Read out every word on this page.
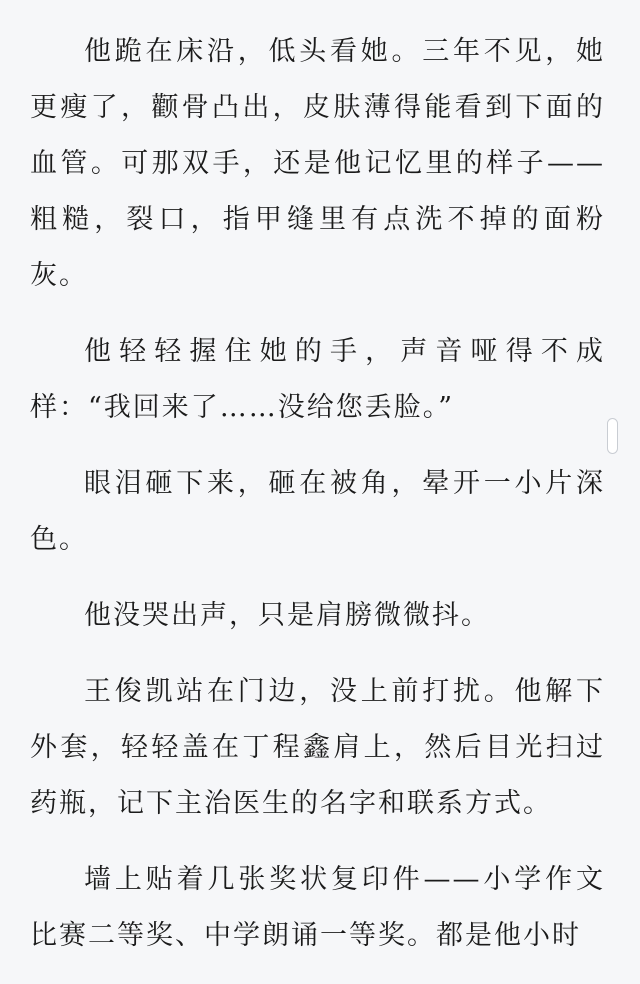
他跪在床沿，低头看她。三年不见，她更瘦了，颧骨凸出，皮肤薄得能看到下面的血管。可那双手，还是他记忆里的样子——粗糙，裂口，指甲缝里有点洗不掉的面粉灰。

他轻轻握住她的手，声音哑得不成样：“我回来了……没给您丢脸。”

眼泪砸下来，砸在被角，晕开一小片深色。

他没哭出声，只是肩膀微微抖。

王俊凯站在门边，没上前打扰。他解下外套，轻轻盖在丁程鑫肩上，然后目光扫过药瓶，记下主治医生的名字和联系方式。

墙上贴着几张奖状复印件——小学作文比赛二等奖、中学朗诵一等奖。都是他小时
